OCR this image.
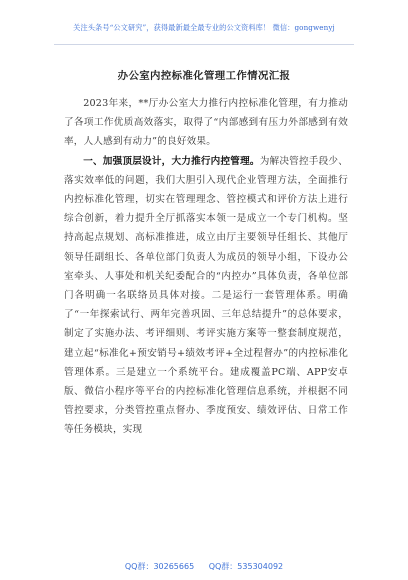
关注头条号“公文研究”，获得最新最全最专业的公文资料库！ 微信：gongwenyj
办公室内控标准化管理工作情况汇报

2023年来，**厅办公室大力推行内控标准化管理，有力推动了各项工作优质高效落实，取得了“内部感到有压力外部感到有效率，人人感到有动力”的良好效果。

一、加强顶层设计，大力推行内控管理。为解决管控手段少、落实效率低的问题，我们大胆引入现代企业管理方法，全面推行内控标准化管理，切实在管理理念、管控模式和评价方法上进行综合创新，着力提升全厅抓落实本领一是成立一个专门机构。坚持高起点规划、高标准推进，成立由厅主要领导任组长、其他厅领导任副组长、各单位部门负责人为成员的领导小组，下设办公室牵头、人事处和机关纪委配合的“内控办”具体负责，各单位部门各明确一名联络员具体对接。二是运行一套管理体系。明确了“一年探索试行、两年完善巩固、三年总结提升”的总体要求，制定了实施办法、考评细则、考评实施方案等一整套制度规范，建立起“标准化+预安销号+绩效考评+全过程督办”的内控标准化管理体系。三是建立一个系统平台。建成覆盖PC端、APP安卓版、微信小程序等平台的内控标准化管理信息系统，并根据不同管控要求，分类管控重点督办、季度预安、绩效评估、日常工作等任务模块，实现

QQ群：30265665 QQ群：535304092
